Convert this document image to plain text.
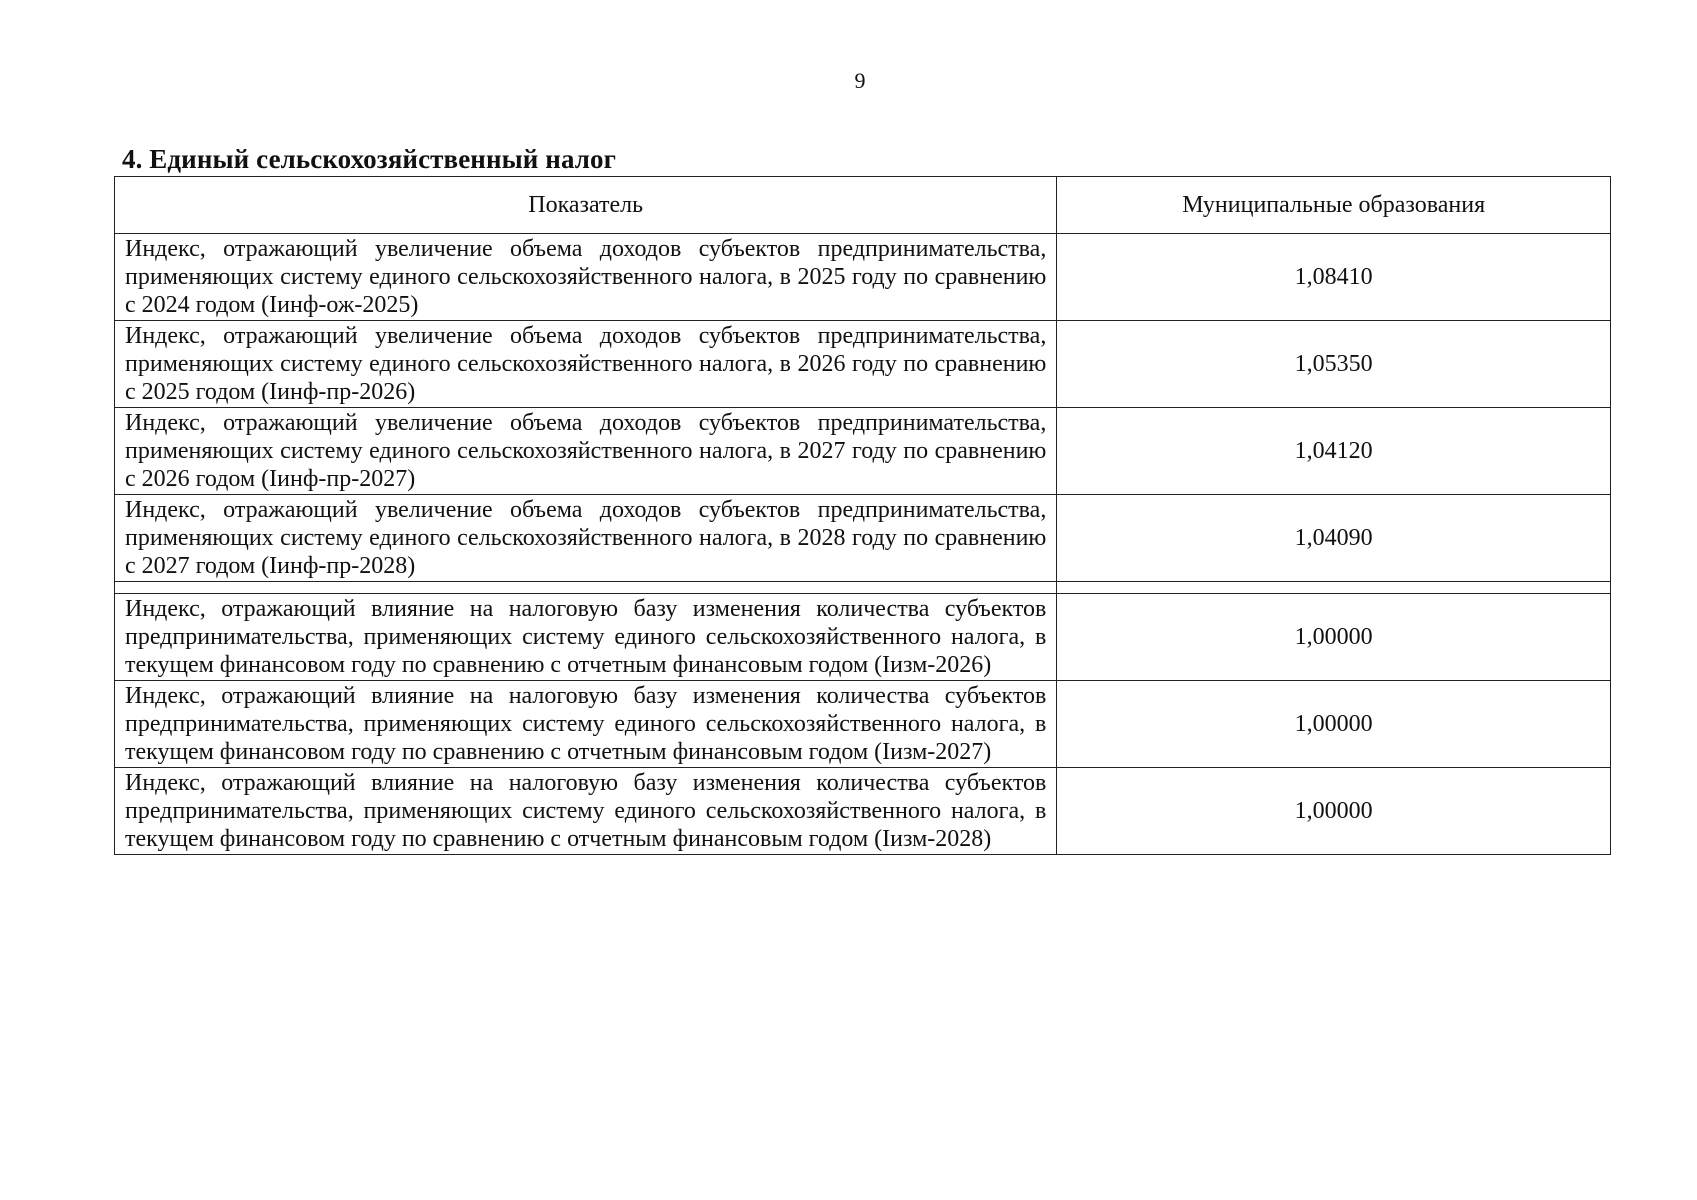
9
4. Единый сельскохозяйственный налог
Показатель	Муниципальные образования
Индекс, отражающий увеличение объема доходов субъектов предпринимательства, применяющих систему единого сельскохозяйственного налога, в 2025 году по сравнению с 2024 годом (Iинф-ож-2025)	1,08410
Индекс, отражающий увеличение объема доходов субъектов предпринимательства, применяющих систему единого сельскохозяйственного налога, в 2026 году по сравнению с 2025 годом (Iинф-пр-2026)	1,05350
Индекс, отражающий увеличение объема доходов субъектов предпринимательства, применяющих систему единого сельскохозяйственного налога, в 2027 году по сравнению с 2026 годом (Iинф-пр-2027)	1,04120
Индекс, отражающий увеличение объема доходов субъектов предпринимательства, применяющих систему единого сельскохозяйственного налога, в 2028 году по сравнению с 2027 годом (Iинф-пр-2028)	1,04090

Индекс, отражающий влияние на налоговую базу изменения количества субъектов предпринимательства, применяющих систему единого сельскохозяйственного налога, в текущем финансовом году по сравнению с отчетным финансовым годом (Iизм-2026)	1,00000
Индекс, отражающий влияние на налоговую базу изменения количества субъектов предпринимательства, применяющих систему единого сельскохозяйственного налога, в текущем финансовом году по сравнению с отчетным финансовым годом (Iизм-2027)	1,00000
Индекс, отражающий влияние на налоговую базу изменения количества субъектов предпринимательства, применяющих систему единого сельскохозяйственного налога, в текущем финансовом году по сравнению с отчетным финансовым годом (Iизм-2028)	1,00000
